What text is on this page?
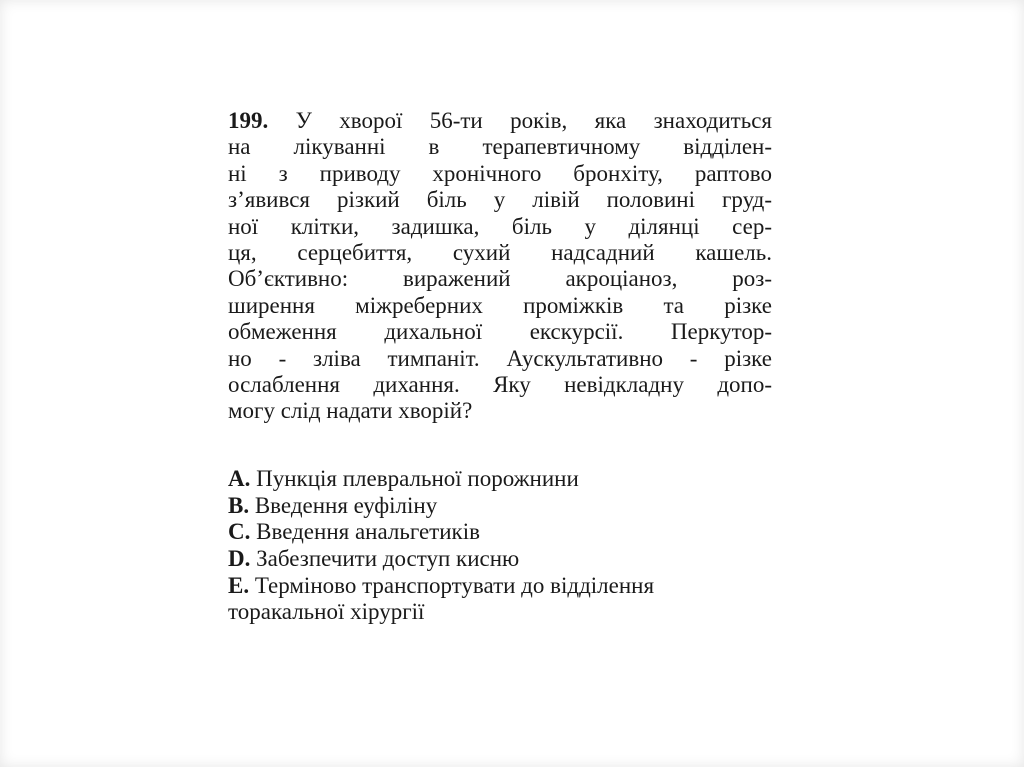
199. У хворої 56-ти років, яка знаходиться
на лікуванні в терапевтичному відділен-
ні з приводу хронічного бронхіту, раптово
з’явився різкий біль у лівій половині груд-
ної клітки, задишка, біль у ділянці сер-
ця, серцебиття, сухий надсадний кашель.
Об’єктивно: виражений акроціаноз, роз-
ширення міжреберних проміжків та різке
обмеження дихальної екскурсії. Перкутор-
но - зліва тимпаніт. Аускультативно - різке
ослаблення дихання. Яку невідкладну допо-
могу слід надати хворій?
A. Пункція плевральної порожнини
B. Введення еуфіліну
C. Введення анальгетиків
D. Забезпечити доступ кисню
E. Терміново транспортувати до відділення
торакальної хірургії
